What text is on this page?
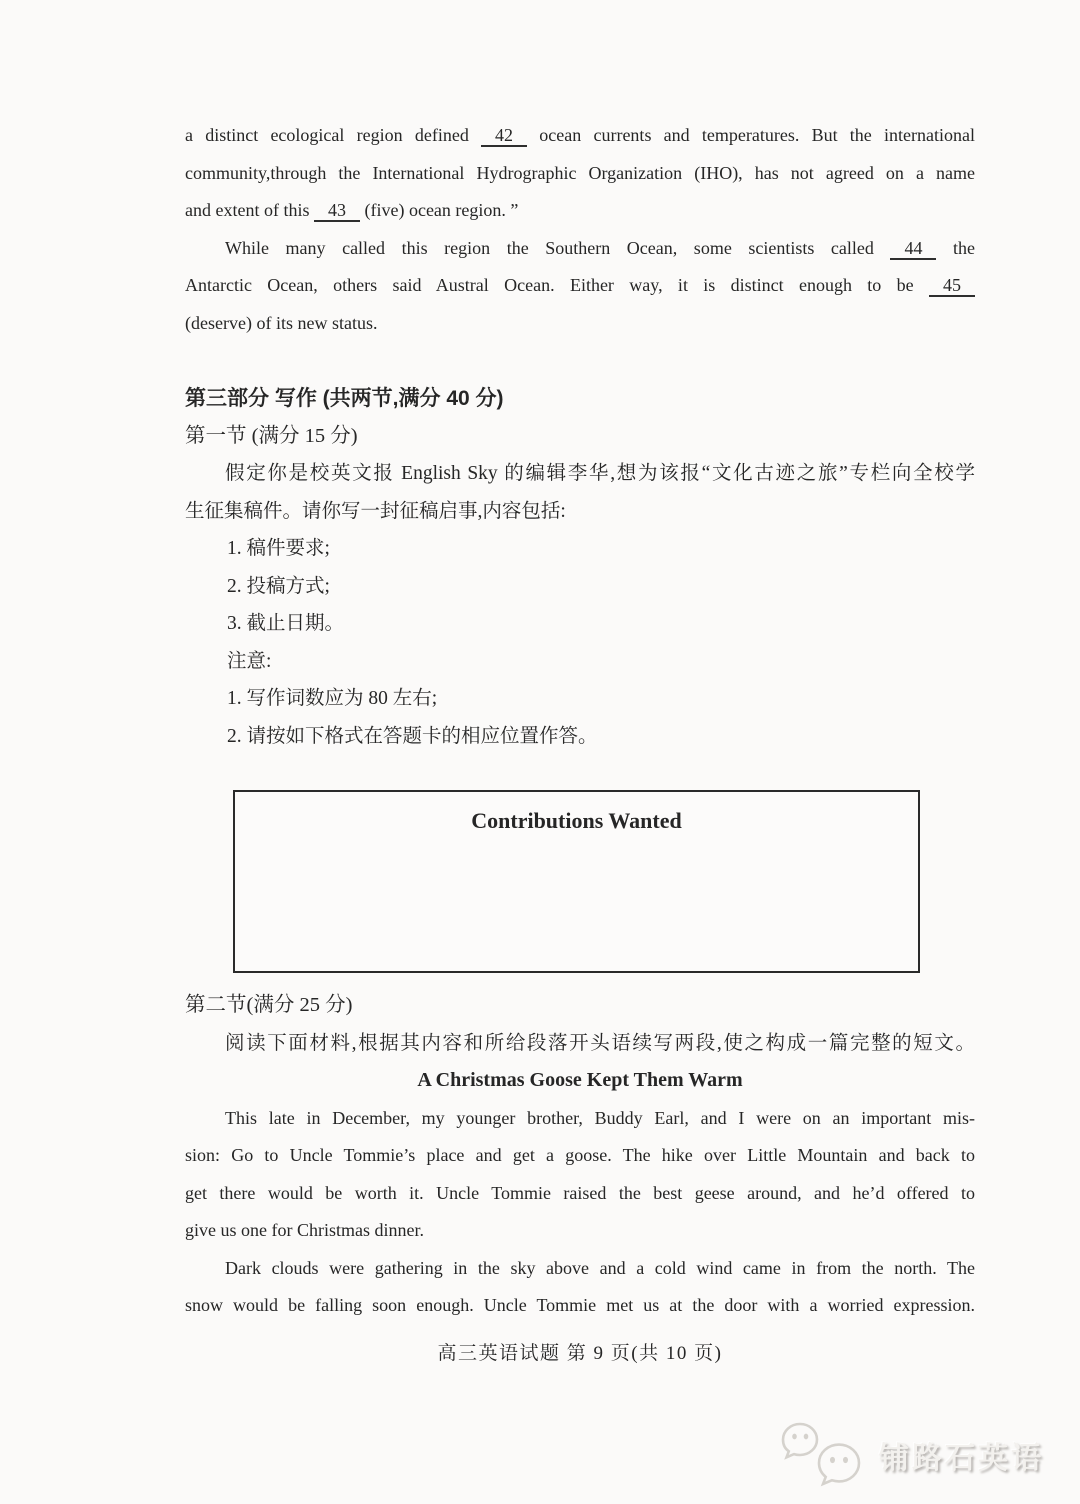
a distinct ecological region defined 42 ocean currents and temperatures. But the international
community,through the International Hydrographic Organization (IHO), has not agreed on a name
and extent of this 43 (five) ocean region. ”
While many called this region the Southern Ocean, some scientists called 44 the
Antarctic Ocean, others said Austral Ocean. Either way, it is distinct enough to be 45
(deserve) of its new status.
第三部分 写作 (共两节,满分 40 分)
第一节 (满分 15 分)
假定你是校英文报 English Sky 的编辑李华,想为该报“文化古迹之旅”专栏向全校学
生征集稿件。请你写一封征稿启事,内容包括:
1. 稿件要求;
2. 投稿方式;
3. 截止日期。
注意:
1. 写作词数应为 80 左右;
2. 请按如下格式在答题卡的相应位置作答。
Contributions Wanted
第二节(满分 25 分)
阅读下面材料,根据其内容和所给段落开头语续写两段,使之构成一篇完整的短文。
A Christmas Goose Kept Them Warm
This late in December, my younger brother, Buddy Earl, and I were on an important mis-
sion: Go to Uncle Tommie’s place and get a goose. The hike over Little Mountain and back to
get there would be worth it. Uncle Tommie raised the best geese around, and he’d offered to
give us one for Christmas dinner.
Dark clouds were gathering in the sky above and a cold wind came in from the north. The
snow would be falling soon enough. Uncle Tommie met us at the door with a worried expression.
高三英语试题 第 9 页(共 10 页)
铺路石英语
